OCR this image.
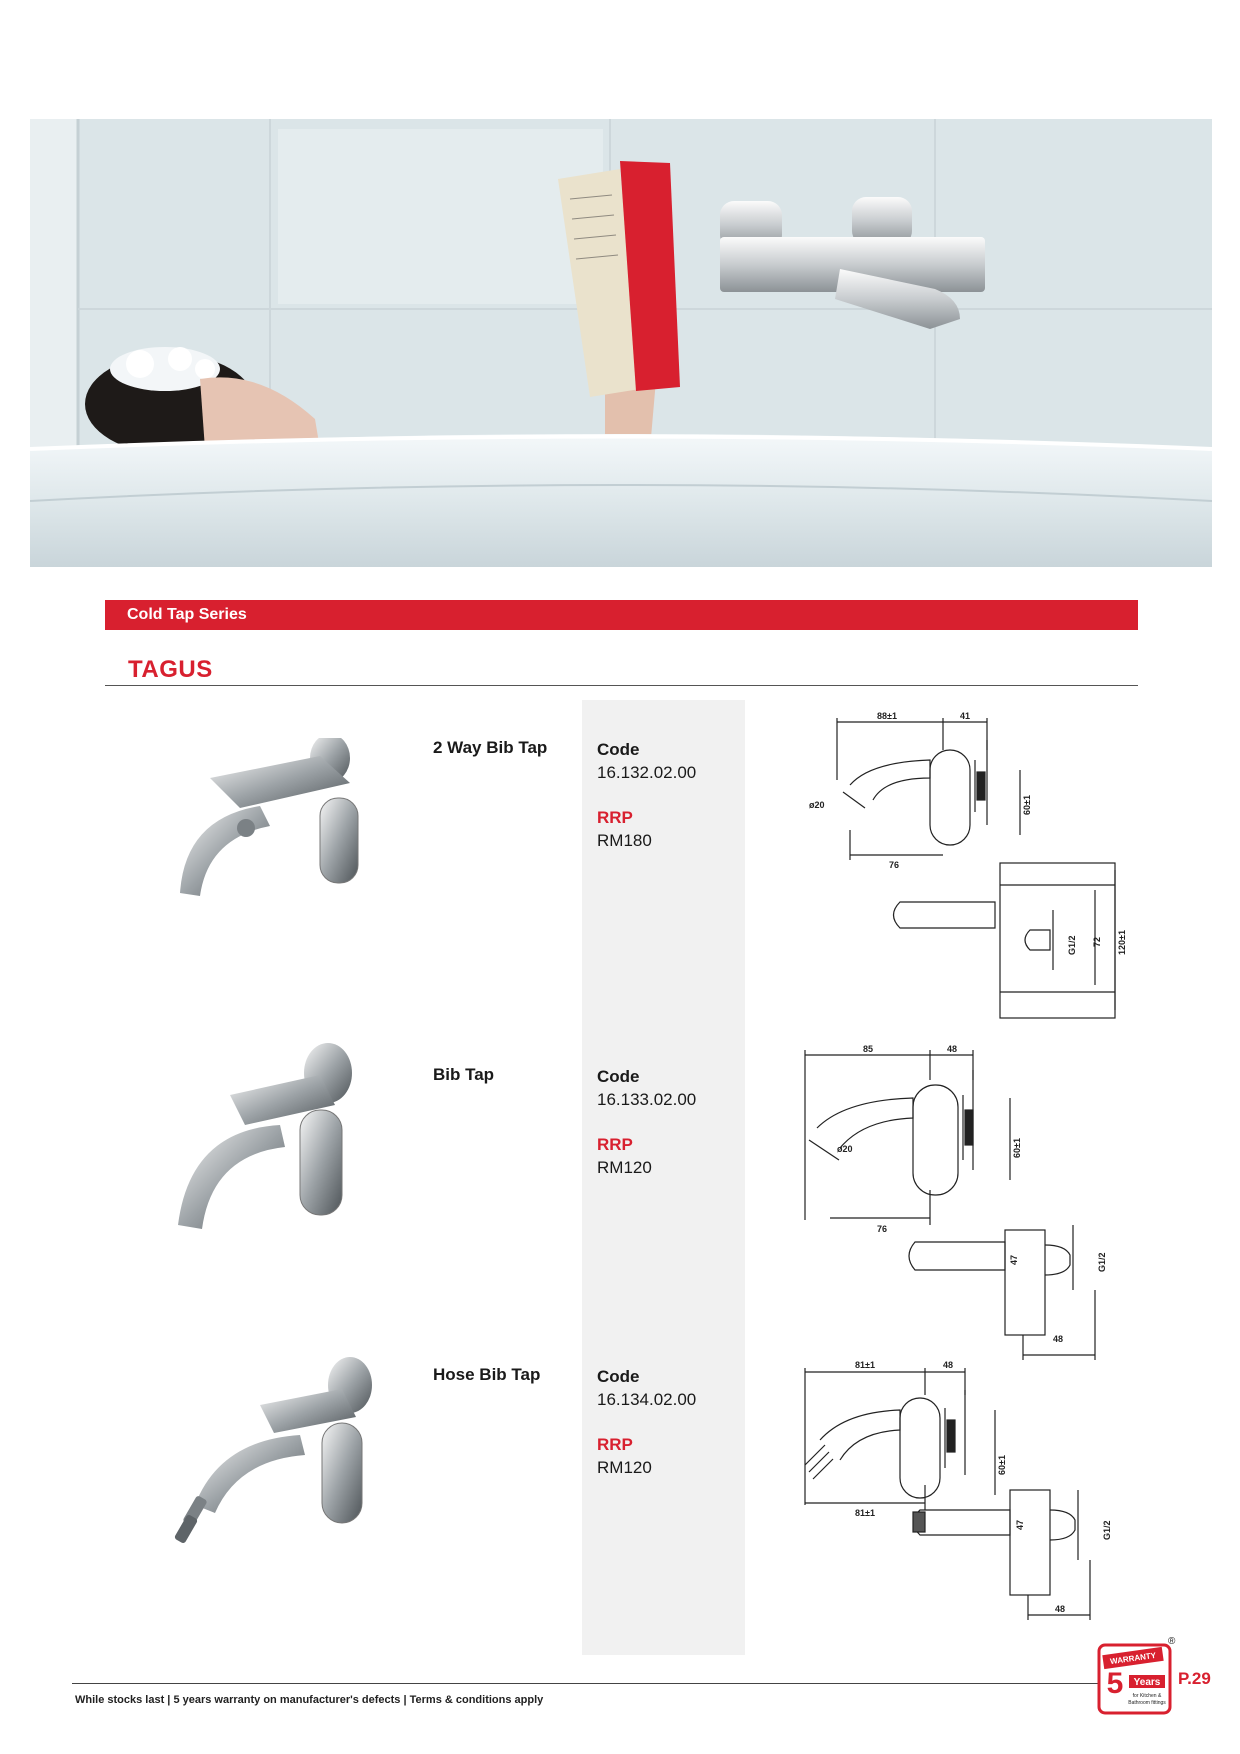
Cold Tap Series
TAGUS
2 Way Bib Tap	Code
16.132.02.00
RRP
RM180
88±1	41
ø20
76
60±1
G1/2 72 120±1
Bib Tap	Code
16.133.02.00
RRP
RM120
85	48
ø20
76
60±1
47	G1/2
48
Hose Bib Tap	Code
16.134.02.00
RRP
RM120
81±1	48
81±1
60±1
47	G1/2
48
While stocks last | 5 years warranty on manufacturer's defects | Terms & conditions apply
WARRANTY
5 Years
for Kitchen &
Bathroom fittings
®
P.29
